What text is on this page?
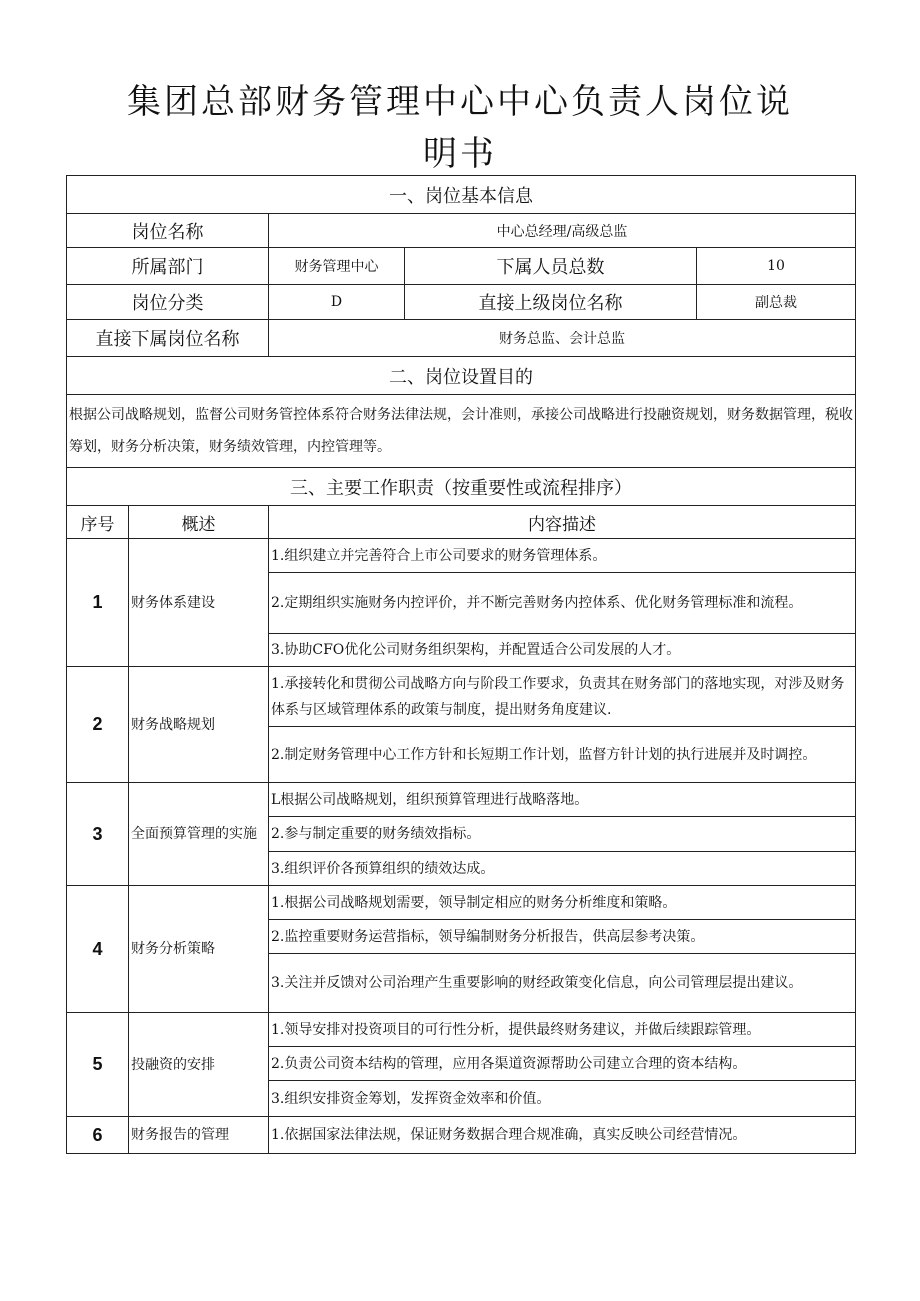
集团总部财务管理中心中心负责人岗位说
明书
一、岗位基本信息				
岗位名称		中心总经理/高级总监		
所属部门		财务管理中心	下属人员总数	10
岗位分类		D	直接上级岗位名称	副总裁
直接下属岗位名称		财务总监、会计总监		
二、岗位设置目的				
根据公司战略规划，监督公司财务管控体系符合财务法律法规，会计准则，承接公司战略进行投融资规划，财务数据管理，税收筹划，财务分析决策，财务绩效管理，内控管理等。				
三、主要工作职责（按重要性或流程排序）				
序号	概述	内容描述		
1	财务体系建设	1.组织建立并完善符合上市公司要求的财务管理体系。		
		2.定期组织实施财务内控评价，并不断完善财务内控体系、优化财务管理标准和流程。		
		3.协助CFO优化公司财务组织架构，并配置适合公司发展的人才。		
2	财务战略规划	1.承接转化和贯彻公司战略方向与阶段工作要求，负责其在财务部门的落地实现，对涉及财务体系与区域管理体系的政策与制度，提出财务角度建议.		
		2.制定财务管理中心工作方针和长短期工作计划，监督方针计划的执行进展并及时调控。		
3	全面预算管理的实施	L根据公司战略规划，组织预算管理进行战略落地。		
		2.参与制定重要的财务绩效指标。		
		3.组织评价各预算组织的绩效达成。		
4	财务分析策略	1.根据公司战略规划需要，领导制定相应的财务分析维度和策略。		
		2.监控重要财务运营指标，领导编制财务分析报告，供高层参考决策。		
		3.关注并反馈对公司治理产生重要影响的财经政策变化信息，向公司管理层提出建议。		
5	投融资的安排	1.领导安排对投资项目的可行性分析，提供最终财务建议，并做后续跟踪管理。		
		2.负责公司资本结构的管理，应用各渠道资源帮助公司建立合理的资本结构。		
		3.组织安排资金筹划，发挥资金效率和价值。		
6	财务报告的管理	1.依据国家法律法规，保证财务数据合理合规准确，真实反映公司经营情况。		
